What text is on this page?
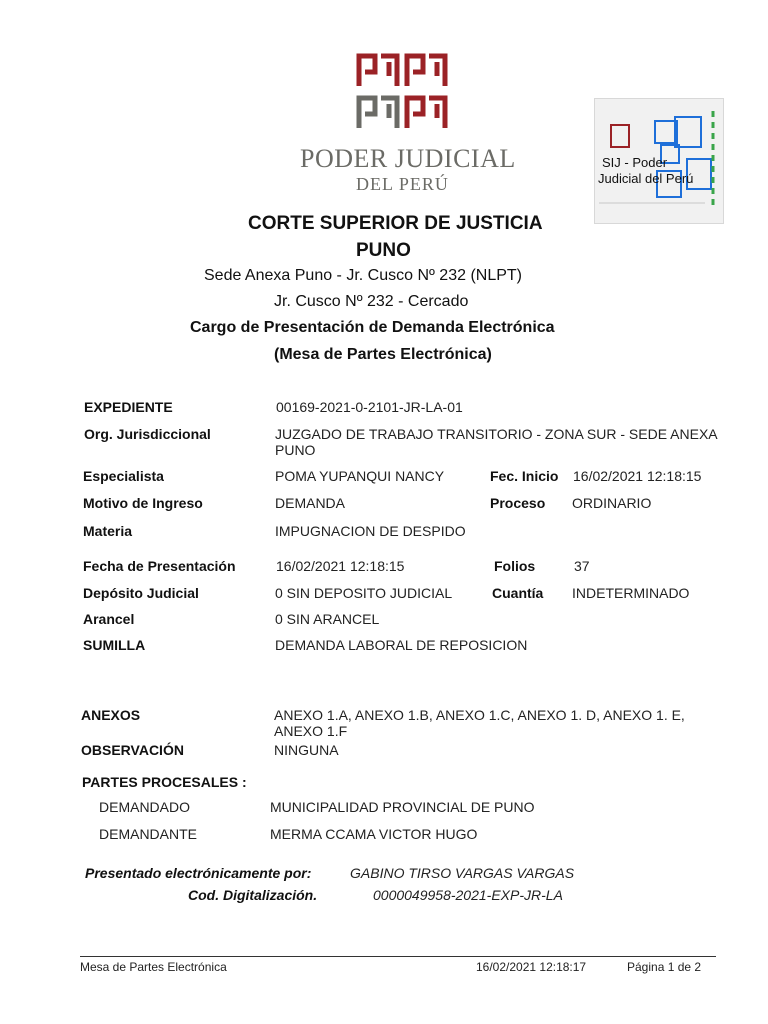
PODER JUDICIAL
DEL PERÚ
SIJ - Poder
Judicial del Perú
CORTE SUPERIOR DE JUSTICIA
PUNO
Sede Anexa Puno - Jr. Cusco Nº 232 (NLPT)
Jr. Cusco Nº 232 - Cercado
Cargo de Presentación de Demanda Electrónica
(Mesa de Partes Electrónica)
EXPEDIENTE	00169-2021-0-2101-JR-LA-01
Org. Jurisdiccional	JUZGADO DE TRABAJO TRANSITORIO - ZONA SUR - SEDE ANEXA PUNO
Especialista	POMA YUPANQUI NANCY	Fec. Inicio 16/02/2021 12:18:15
Motivo de Ingreso	DEMANDA	Proceso ORDINARIO
Materia	IMPUGNACION DE DESPIDO
Fecha de Presentación	16/02/2021 12:18:15	Folios	37
Depósito Judicial	0 SIN DEPOSITO JUDICIAL	Cuantía INDETERMINADO
Arancel	0 SIN ARANCEL
SUMILLA	DEMANDA LABORAL DE REPOSICION
ANEXOS	ANEXO 1.A, ANEXO 1.B, ANEXO 1.C, ANEXO 1. D, ANEXO 1. E, ANEXO 1.F
OBSERVACIÓN	NINGUNA
PARTES PROCESALES :
DEMANDADO	MUNICIPALIDAD PROVINCIAL DE PUNO
DEMANDANTE	MERMA CCAMA VICTOR HUGO
Presentado electrónicamente por:	GABINO TIRSO VARGAS VARGAS
Cod. Digitalización.	0000049958-2021-EXP-JR-LA
Mesa de Partes Electrónica	16/02/2021 12:18:17	Página 1 de 2
